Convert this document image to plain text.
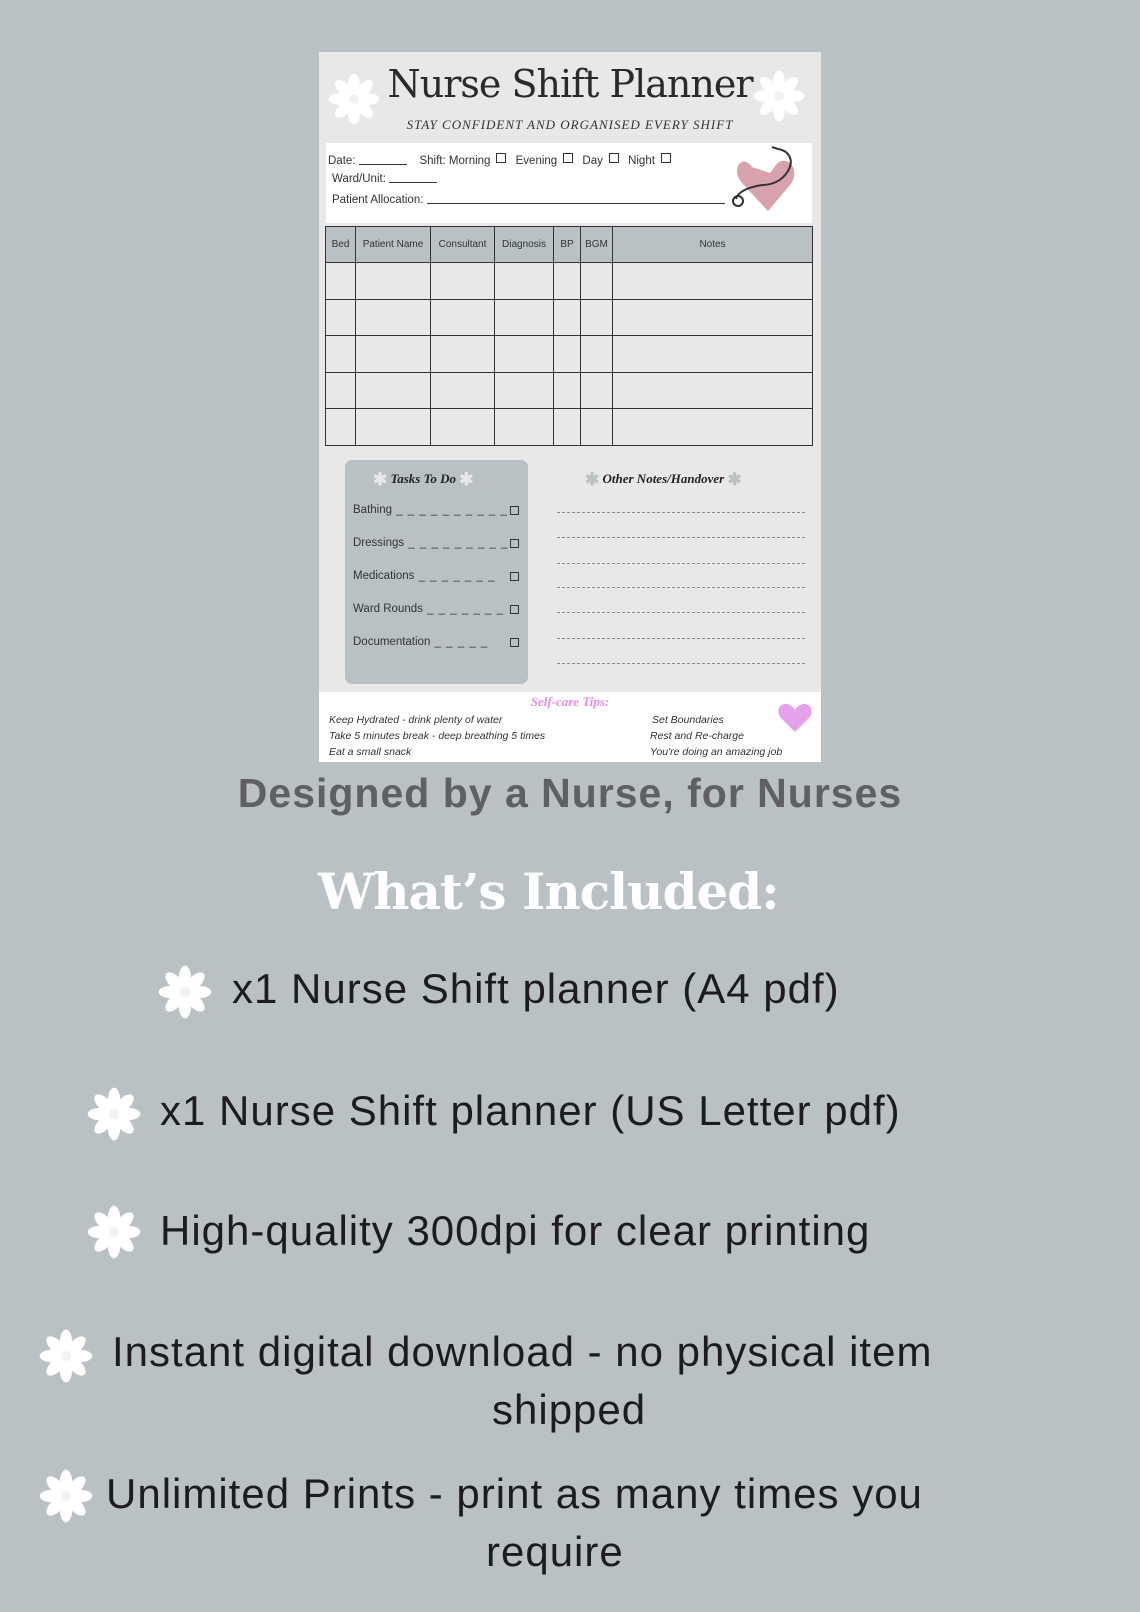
Nurse Shift Planner
STAY CONFIDENT AND ORGANISED EVERY SHIFT
Date:	Shift: Morning Evening Day Night
Ward/Unit:
Patient Allocation:
Bed	Patient Name	Consultant	Diagnosis	BP	BGM	Notes

✱ Tasks To Do ✱
Bathing _ _ _ _ _ _ _ _ _ _
Dressings _ _ _ _ _ _ _ _ _
Medications _ _ _ _ _ _ _
Ward Rounds _ _ _ _ _ _ _
Documentation _ _ _ _ _
✱ Other Notes/Handover ✱
Self-care Tips:
Keep Hydrated - drink plenty of water
Take 5 minutes break - deep breathing 5 times
Eat a small snack
Set Boundaries
Rest and Re-charge
You're doing an amazing job
Designed by a Nurse, for Nurses
What’s Included:
x1 Nurse Shift planner (A4 pdf)
x1 Nurse Shift planner (US Letter pdf)
High-quality 300dpi for clear printing
Instant digital download - no physical item
shipped
Unlimited Prints - print as many times you
require
